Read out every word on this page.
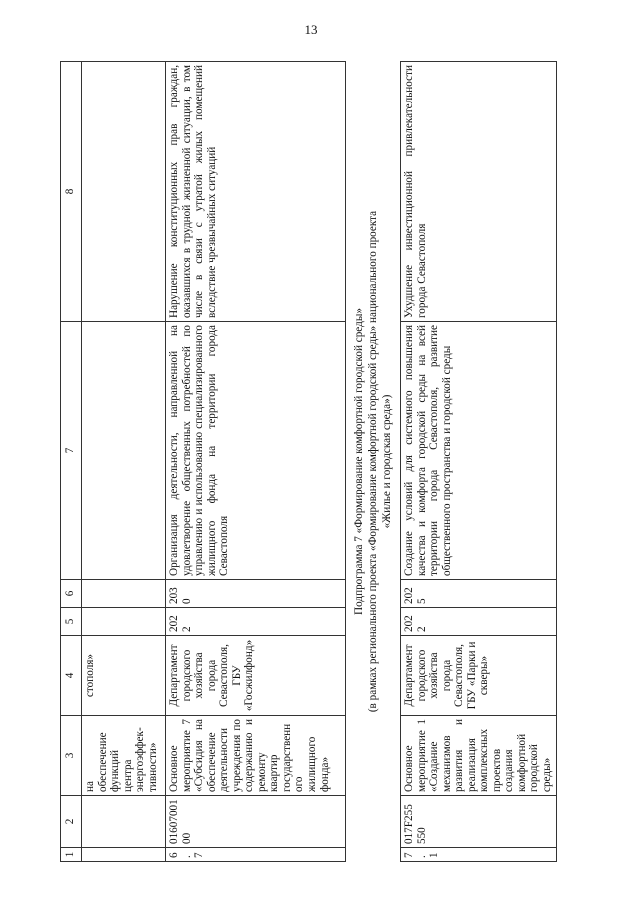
13
1	2	3	4	5	6	7	8
		на обеспечение функций центра энергоэффек-тивности»	стополя»				
6.7	0160700100	Основное мероприятие 7 «Субсидия на обеспечение деятельности учреждения по содержанию и ремонту квартир государственного жилищного фонда»	Департамент городского хозяйства города Севастополя, ГБУ «Госжилфонд»	2022	2030	Организация деятельности, направленной на удовлетворение общественных потребностей по управлению и использованию специализированного жилищного фонда на территории города Севастополя	Нарушение конституционных прав граждан, оказавшихся в трудной жизненной ситуации, в том числе в связи с утратой жилых помещений вследствие чрезвычайных ситуаций

Подпрограмма 7 «Формирование комфортной городской среды» (в рамках регионального проекта «Формирование комфортной городской среды» национального проекта «Жилье и городская среда»)							

7.1	017F255550	Основное мероприятие 1 «Создание механизмов развития и реализация комплексных проектов создания комфортной городской среды»	Департамент городского хозяйства города Севастополя, ГБУ «Парки и скверы»	2022	2025	Создание условий для системного повышения качества и комфорта городской среды на всей территории города Севастополя, развитие общественного пространства и городской среды	Ухудшение инвестиционной привлекательности города Севастополя
